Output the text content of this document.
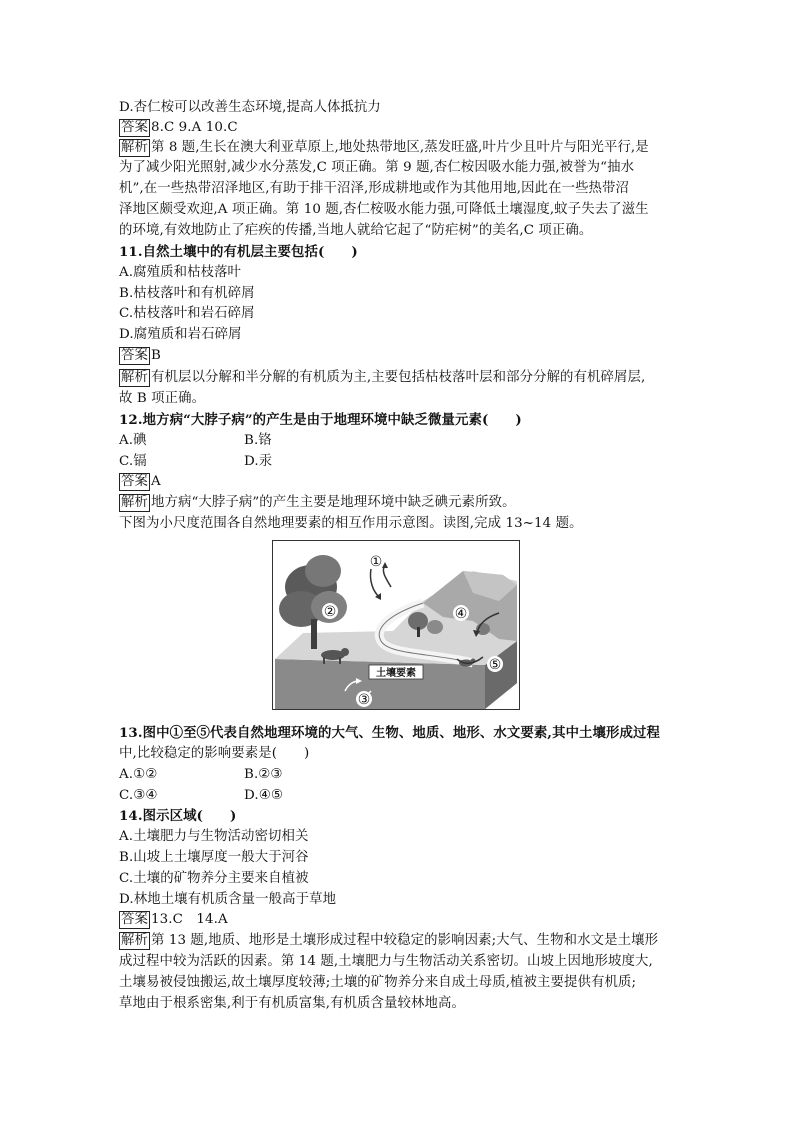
D.杏仁桉可以改善生态环境,提高人体抵抗力
答案 8.C 9.A 10.C
解析 第 8 题,生长在澳大利亚草原上,地处热带地区,蒸发旺盛,叶片少且叶片与阳光平行,是
为了减少阳光照射,减少水分蒸发,C 项正确。第 9 题,杏仁桉因吸水能力强,被誉为“抽水
机”,在一些热带沼泽地区,有助于排干沼泽,形成耕地或作为其他用地,因此在一些热带沼
泽地区颇受欢迎,A 项正确。第 10 题,杏仁桉吸水能力强,可降低土壤湿度,蚊子失去了滋生
的环境,有效地防止了疟疾的传播,当地人就给它起了“防疟树”的美名,C 项正确。
11.自然土壤中的有机层主要包括(　　)
A.腐殖质和枯枝落叶
B.枯枝落叶和有机碎屑
C.枯枝落叶和岩石碎屑
D.腐殖质和岩石碎屑
答案 B
解析 有机层以分解和半分解的有机质为主,主要包括枯枝落叶层和部分分解的有机碎屑层,
故 B 项正确。
12.地方病“大脖子病”的产生是由于地理环境中缺乏微量元素(　　)
A.碘	B.铬
C.镉	D.汞
答案 A
解析 地方病“大脖子病”的产生主要是地理环境中缺乏碘元素所致。
下图为小尺度范围各自然地理要素的相互作用示意图。读图,完成 13~14 题。
①
②
③
④
⑤
土壤要素
13.图中①至⑤代表自然地理环境的大气、生物、地质、地形、水文要素,其中土壤形成过程
中,比较稳定的影响要素是(　　)
A.①②	B.②③
C.③④	D.④⑤
14.图示区域(　　)
A.土壤肥力与生物活动密切相关
B.山坡上土壤厚度一般大于河谷
C.土壤的矿物养分主要来自植被
D.林地土壤有机质含量一般高于草地
答案 13.C　14.A
解析 第 13 题,地质、地形是土壤形成过程中较稳定的影响因素;大气、生物和水文是土壤形
成过程中较为活跃的因素。第 14 题,土壤肥力与生物活动关系密切。山坡上因地形坡度大,
土壤易被侵蚀搬运,故土壤厚度较薄;土壤的矿物养分来自成土母质,植被主要提供有机质;
草地由于根系密集,利于有机质富集,有机质含量较林地高。
